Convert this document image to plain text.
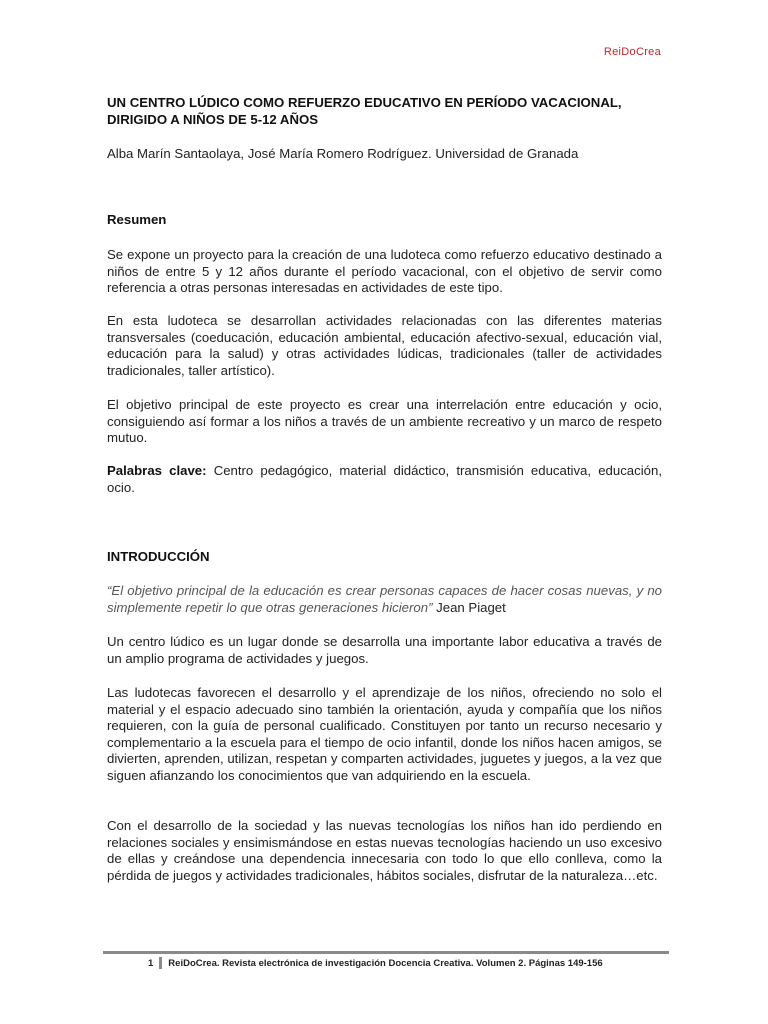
ReiDoCrea
UN CENTRO LÚDICO COMO REFUERZO EDUCATIVO EN PERÍODO VACACIONAL, DIRIGIDO A NIÑOS DE 5-12 AÑOS
Alba Marín Santaolaya, José María Romero Rodríguez. Universidad de Granada
Resumen

Se expone un proyecto para la creación de una ludoteca como refuerzo educativo destinado a niños de entre 5 y 12 años durante el período vacacional, con el objetivo de servir como referencia a otras personas interesadas en actividades de este tipo.

En esta ludoteca se desarrollan actividades relacionadas con las diferentes materias transversales (coeducación, educación ambiental, educación afectivo-sexual, educación vial, educación para la salud) y otras actividades lúdicas, tradicionales (taller de actividades tradicionales, taller artístico).

El objetivo principal de este proyecto es crear una interrelación entre educación y ocio, consiguiendo así formar a los niños a través de un ambiente recreativo y un marco de respeto mutuo.

Palabras clave: Centro pedagógico, material didáctico, transmisión educativa, educación, ocio.

INTRODUCCIÓN

“El objetivo principal de la educación es crear personas capaces de hacer cosas nuevas, y no simplemente repetir lo que otras generaciones hicieron” Jean Piaget

Un centro lúdico es un lugar donde se desarrolla una importante labor educativa a través de un amplio programa de actividades y juegos.

Las ludotecas favorecen el desarrollo y el aprendizaje de los niños, ofreciendo no solo el material y el espacio adecuado sino también la orientación, ayuda y compañía que los niños requieren, con la guía de personal cualificado. Constituyen por tanto un recurso necesario y complementario a la escuela para el tiempo de ocio infantil, donde los niños hacen amigos, se divierten, aprenden, utilizan, respetan y comparten actividades, juguetes y juegos, a la vez que siguen afianzando los conocimientos que van adquiriendo en la escuela.

Con el desarrollo de la sociedad y las nuevas tecnologías los niños han ido perdiendo en relaciones sociales y ensimismándose en estas nuevas tecnologías haciendo un uso excesivo de ellas y creándose una dependencia innecesaria con todo lo que ello conlleva, como la pérdida de juegos y actividades tradicionales, hábitos sociales, disfrutar de la naturaleza…etc.

1 ReiDoCrea. Revista electrónica de investigación Docencia Creativa. Volumen 2. Páginas 149-156
